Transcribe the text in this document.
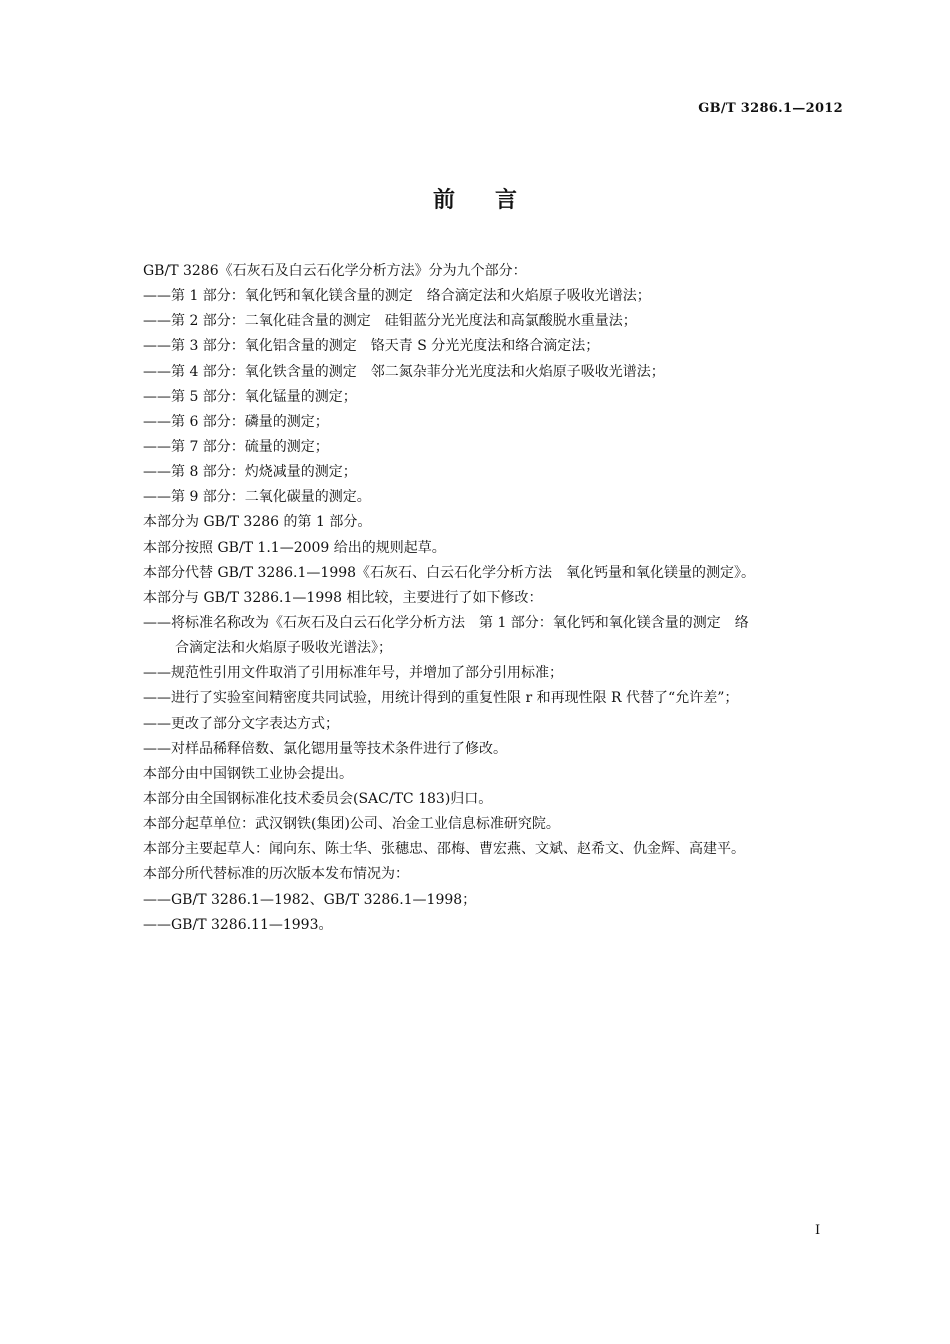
GB/T 3286.1—2012
前 言
GB/T 3286《石灰石及白云石化学分析方法》分为九个部分：
——第 1 部分：氧化钙和氧化镁含量的测定　络合滴定法和火焰原子吸收光谱法；
——第 2 部分：二氧化硅含量的测定　硅钼蓝分光光度法和高氯酸脱水重量法；
——第 3 部分：氧化铝含量的测定　铬天青 S 分光光度法和络合滴定法；
——第 4 部分：氧化铁含量的测定　邻二氮杂菲分光光度法和火焰原子吸收光谱法；
——第 5 部分：氧化锰量的测定；
——第 6 部分：磷量的测定；
——第 7 部分：硫量的测定；
——第 8 部分：灼烧减量的测定；
——第 9 部分：二氧化碳量的测定。
本部分为 GB/T 3286 的第 1 部分。
本部分按照 GB/T 1.1—2009 给出的规则起草。
本部分代替 GB/T 3286.1—1998《石灰石、白云石化学分析方法　氧化钙量和氧化镁量的测定》。
本部分与 GB/T 3286.1—1998 相比较，主要进行了如下修改：
——将标准名称改为《石灰石及白云石化学分析方法　第 1 部分：氧化钙和氧化镁含量的测定　络
合滴定法和火焰原子吸收光谱法》；
——规范性引用文件取消了引用标准年号，并增加了部分引用标准；
——进行了实验室间精密度共同试验，用统计得到的重复性限 r 和再现性限 R 代替了“允许差”；
——更改了部分文字表达方式；
——对样品稀释倍数、氯化锶用量等技术条件进行了修改。
本部分由中国钢铁工业协会提出。
本部分由全国钢标准化技术委员会(SAC/TC 183)归口。
本部分起草单位：武汉钢铁(集团)公司、冶金工业信息标准研究院。
本部分主要起草人：闻向东、陈士华、张穗忠、邵梅、曹宏燕、文斌、赵希文、仇金辉、高建平。
本部分所代替标准的历次版本发布情况为：
——GB/T 3286.1—1982、GB/T 3286.1—1998；
——GB/T 3286.11—1993。
I
